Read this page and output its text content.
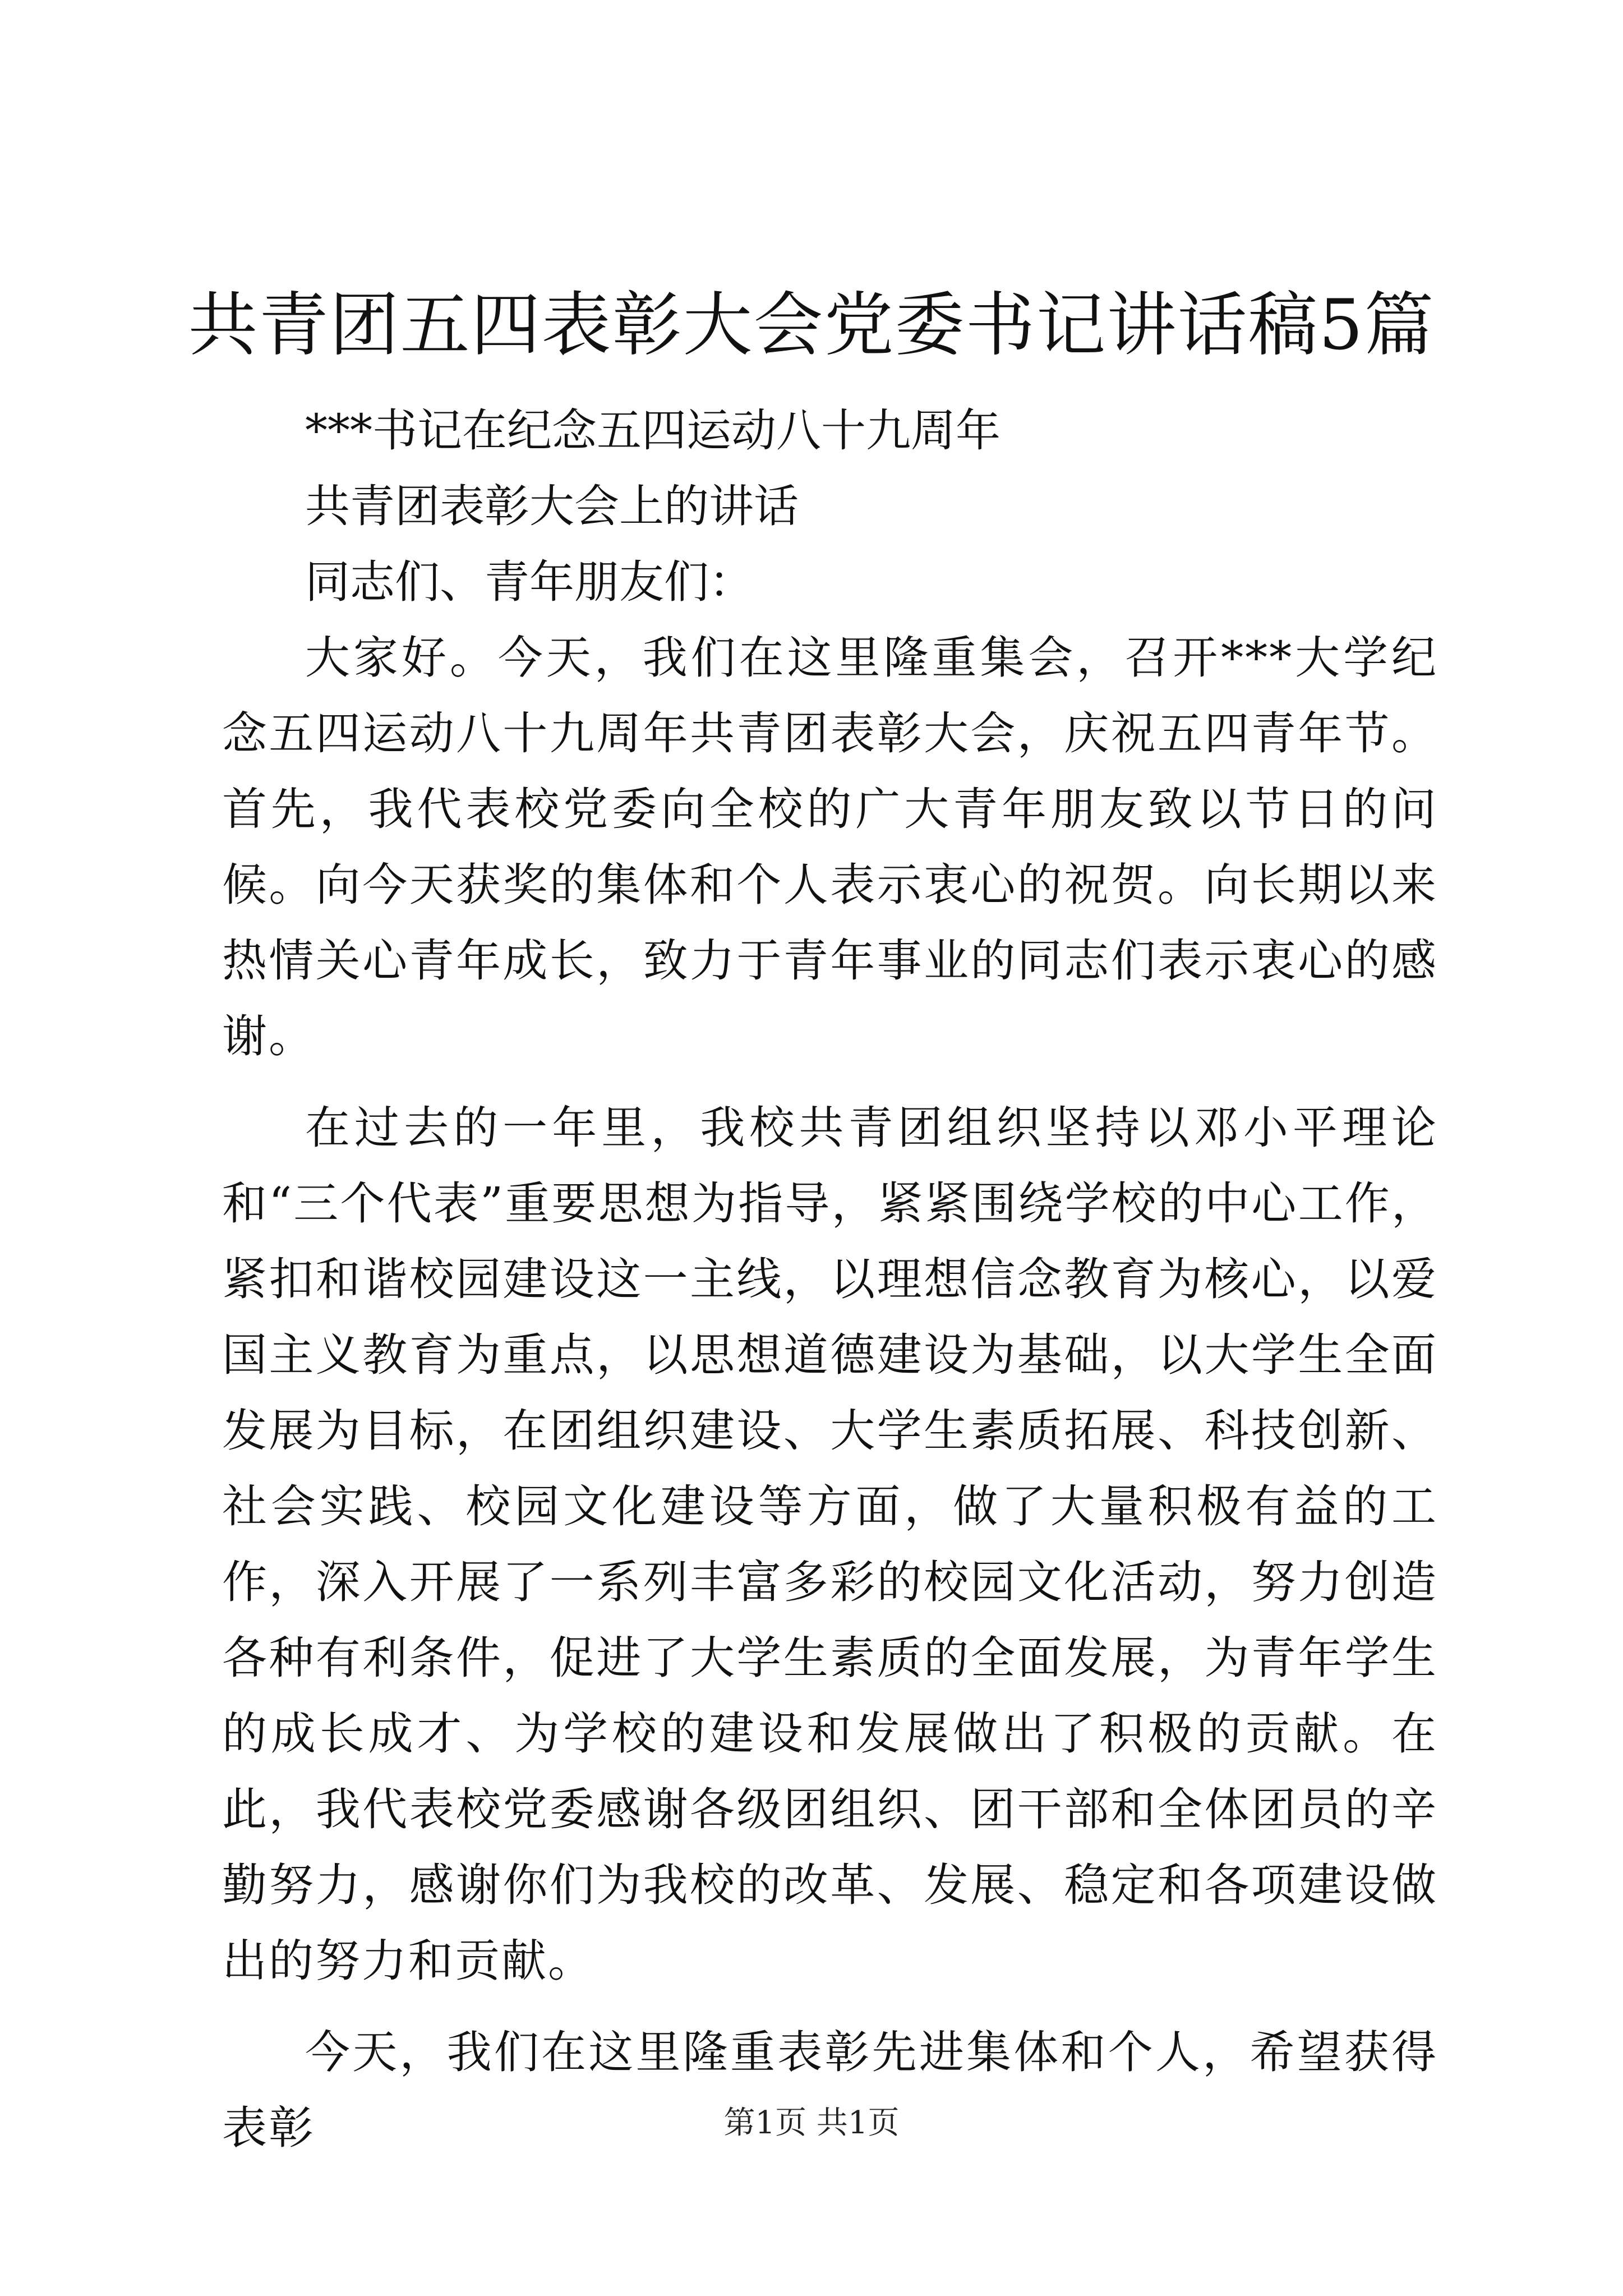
共青团五四表彰大会党委书记讲话稿5篇

***书记在纪念五四运动八十九周年

共青团表彰大会上的讲话

同志们、青年朋友们：

大家好。今天，我们在这里隆重集会，召开***大学纪念五四运动八十九周年共青团表彰大会，庆祝五四青年节。首先，我代表校党委向全校的广大青年朋友致以节日的问候。向今天获奖的集体和个人表示衷心的祝贺。向长期以来热情关心青年成长，致力于青年事业的同志们表示衷心的感谢。

在过去的一年里，我校共青团组织坚持以邓小平理论和“三个代表”重要思想为指导，紧紧围绕学校的中心工作，紧扣和谐校园建设这一主线，以理想信念教育为核心，以爱国主义教育为重点，以思想道德建设为基础，以大学生全面发展为目标，在团组织建设、大学生素质拓展、科技创新、社会实践、校园文化建设等方面，做了大量积极有益的工作，深入开展了一系列丰富多彩的校园文化活动，努力创造各种有利条件，促进了大学生素质的全面发展，为青年学生的成长成才、为学校的建设和发展做出了积极的贡献。在此，我代表校党委感谢各级团组织、团干部和全体团员的辛勤努力，感谢你们为我校的改革、发展、稳定和各项建设做出的努力和贡献。

今天，我们在这里隆重表彰先进集体和个人，希望获得表彰	第1页 共1页
